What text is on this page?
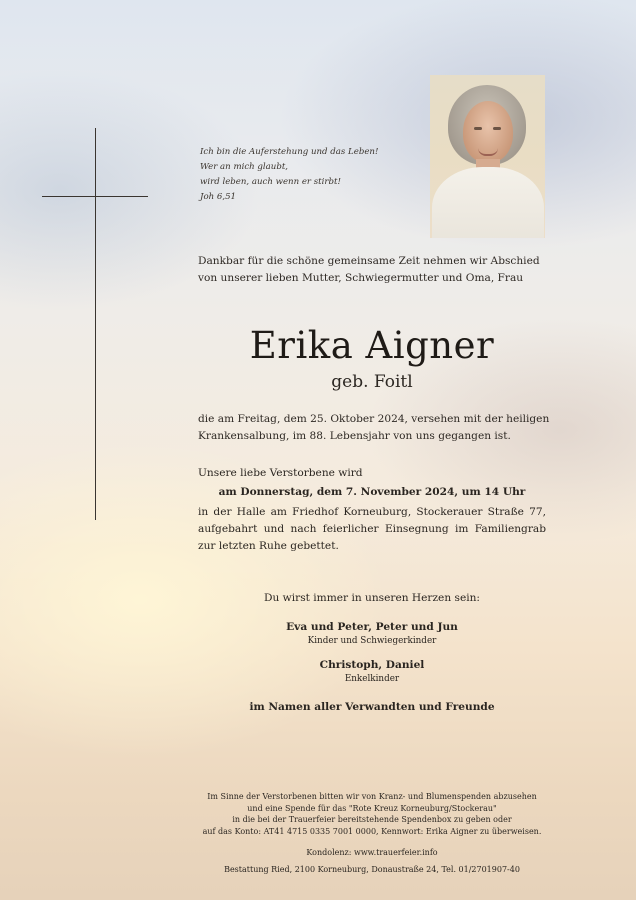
Ich bin die Auferstehung und das Leben!
Wer an mich glaubt,
wird leben, auch wenn er stirbt!
Joh 6,51
Dankbar für die schöne gemeinsame Zeit nehmen wir Abschied
von unserer lieben Mutter, Schwiegermutter und Oma, Frau
Erika Aigner
geb. Foitl
die am Freitag, dem 25. Oktober 2024, versehen mit der heiligen
Krankensalbung, im 88. Lebensjahr von uns gegangen ist.
Unsere liebe Verstorbene wird
am Donnerstag, dem 7. November 2024, um 14 Uhr
in der Halle am Friedhof Korneuburg, Stockerauer Straße 77,
aufgebahrt und nach feierlicher Einsegnung im Familiengrab
zur letzten Ruhe gebettet.
Du wirst immer in unseren Herzen sein:
Eva und Peter, Peter und Jun
Kinder und Schwiegerkinder
Christoph, Daniel
Enkelkinder
im Namen aller Verwandten und Freunde
Im Sinne der Verstorbenen bitten wir von Kranz- und Blumenspenden abzusehen
und eine Spende für das "Rote Kreuz Korneuburg/Stockerau"
in die bei der Trauerfeier bereitstehende Spendenbox zu geben oder
auf das Konto: AT41 4715 0335 7001 0000, Kennwort: Erika Aigner zu überweisen.
Kondolenz: www.trauerfeier.info
Bestattung Ried, 2100 Korneuburg, Donaustraße 24, Tel. 01/2701907-40
